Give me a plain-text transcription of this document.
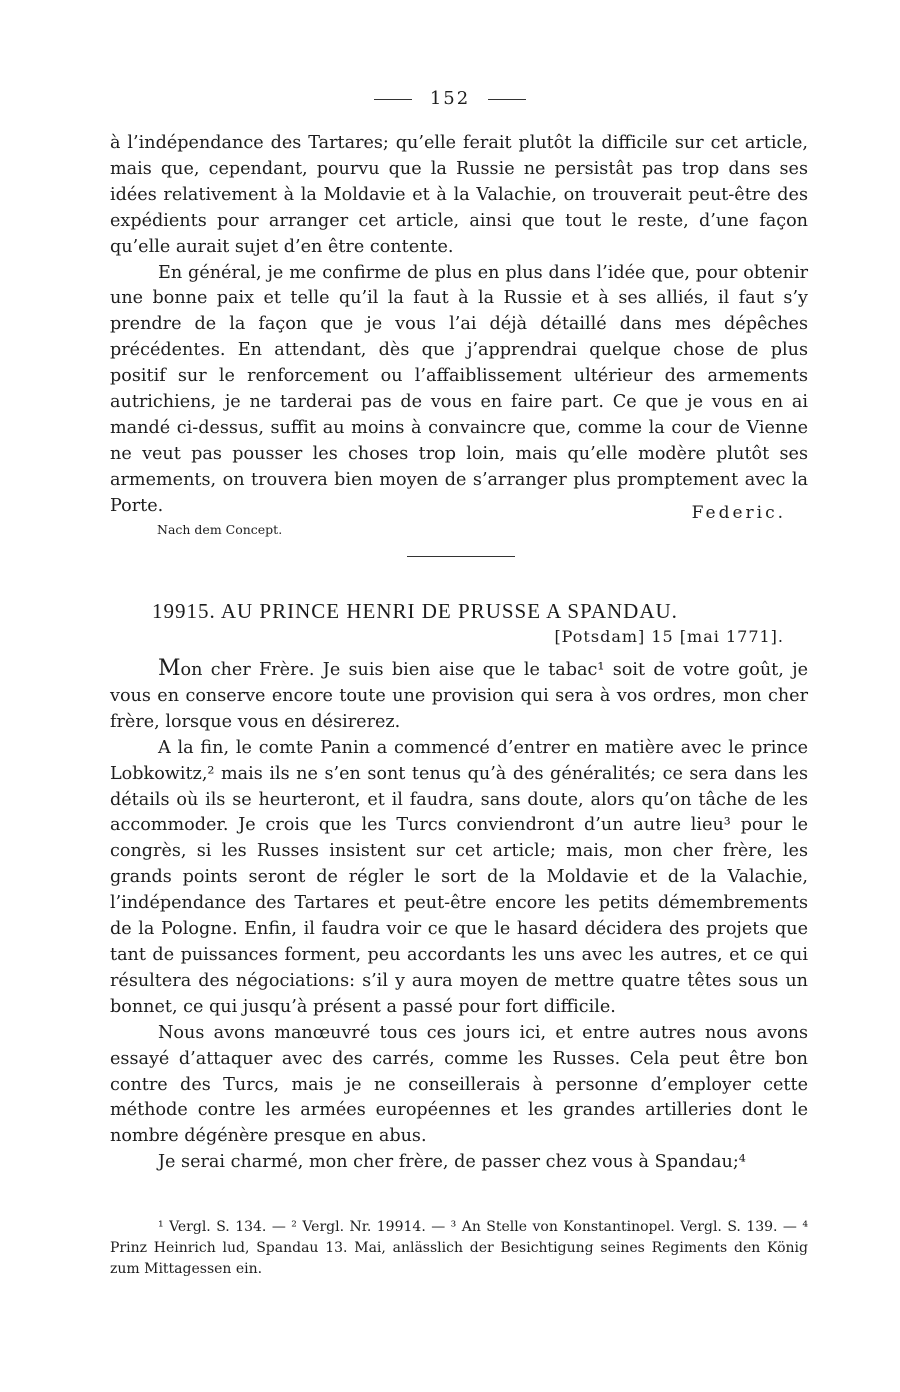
152

à l’indépendance des Tartares; qu’elle ferait plutôt la difficile sur cet article, mais que, cependant, pourvu que la Russie ne persistât pas trop dans ses idées relativement à la Moldavie et à la Valachie, on trouverait peut-être des expédients pour arranger cet article, ainsi que tout le reste, d’une façon qu’elle aurait sujet d’en être contente.

En général, je me confirme de plus en plus dans l’idée que, pour obtenir une bonne paix et telle qu’il la faut à la Russie et à ses alliés, il faut s’y prendre de la façon que je vous l’ai déjà détaillé dans mes dépêches précédentes. En attendant, dès que j’apprendrai quelque chose de plus positif sur le renforcement ou l’affaiblissement ultérieur des armements autrichiens, je ne tarderai pas de vous en faire part. Ce que je vous en ai mandé ci-dessus, suffit au moins à convaincre que, comme la cour de Vienne ne veut pas pousser les choses trop loin, mais qu’elle modère plutôt ses armements, on trouvera bien moyen de s’arranger plus promptement avec la Porte.	Federic.
Nach dem Concept.
19915. AU PRINCE HENRI DE PRUSSE A SPANDAU.
[Potsdam] 15 [mai 1771].

Mon cher Frère. Je suis bien aise que le tabac¹ soit de votre goût, je vous en conserve encore toute une provision qui sera à vos ordres, mon cher frère, lorsque vous en désirerez.

A la fin, le comte Panin a commencé d’entrer en matière avec le prince Lobkowitz,² mais ils ne s’en sont tenus qu’à des généralités; ce sera dans les détails où ils se heurteront, et il faudra, sans doute, alors qu’on tâche de les accommoder. Je crois que les Turcs conviendront d’un autre lieu³ pour le congrès, si les Russes insistent sur cet article; mais, mon cher frère, les grands points seront de régler le sort de la Moldavie et de la Valachie, l’indépendance des Tartares et peut-être encore les petits démembrements de la Pologne. Enfin, il faudra voir ce que le hasard décidera des projets que tant de puissances forment, peu accordants les uns avec les autres, et ce qui résultera des négociations: s’il y aura moyen de mettre quatre têtes sous un bonnet, ce qui jusqu’à présent a passé pour fort difficile.

Nous avons manœuvré tous ces jours ici, et entre autres nous avons essayé d’attaquer avec des carrés, comme les Russes. Cela peut être bon contre des Turcs, mais je ne conseillerais à personne d’employer cette méthode contre les armées européennes et les grandes artilleries dont le nombre dégénère presque en abus.

Je serai charmé, mon cher frère, de passer chez vous à Spandau;⁴

¹ Vergl. S. 134. — ² Vergl. Nr. 19914. — ³ An Stelle von Konstantinopel. Vergl. S. 139. — ⁴ Prinz Heinrich lud, Spandau 13. Mai, anlässlich der Besichtigung seines Regiments den König zum Mittagessen ein.
